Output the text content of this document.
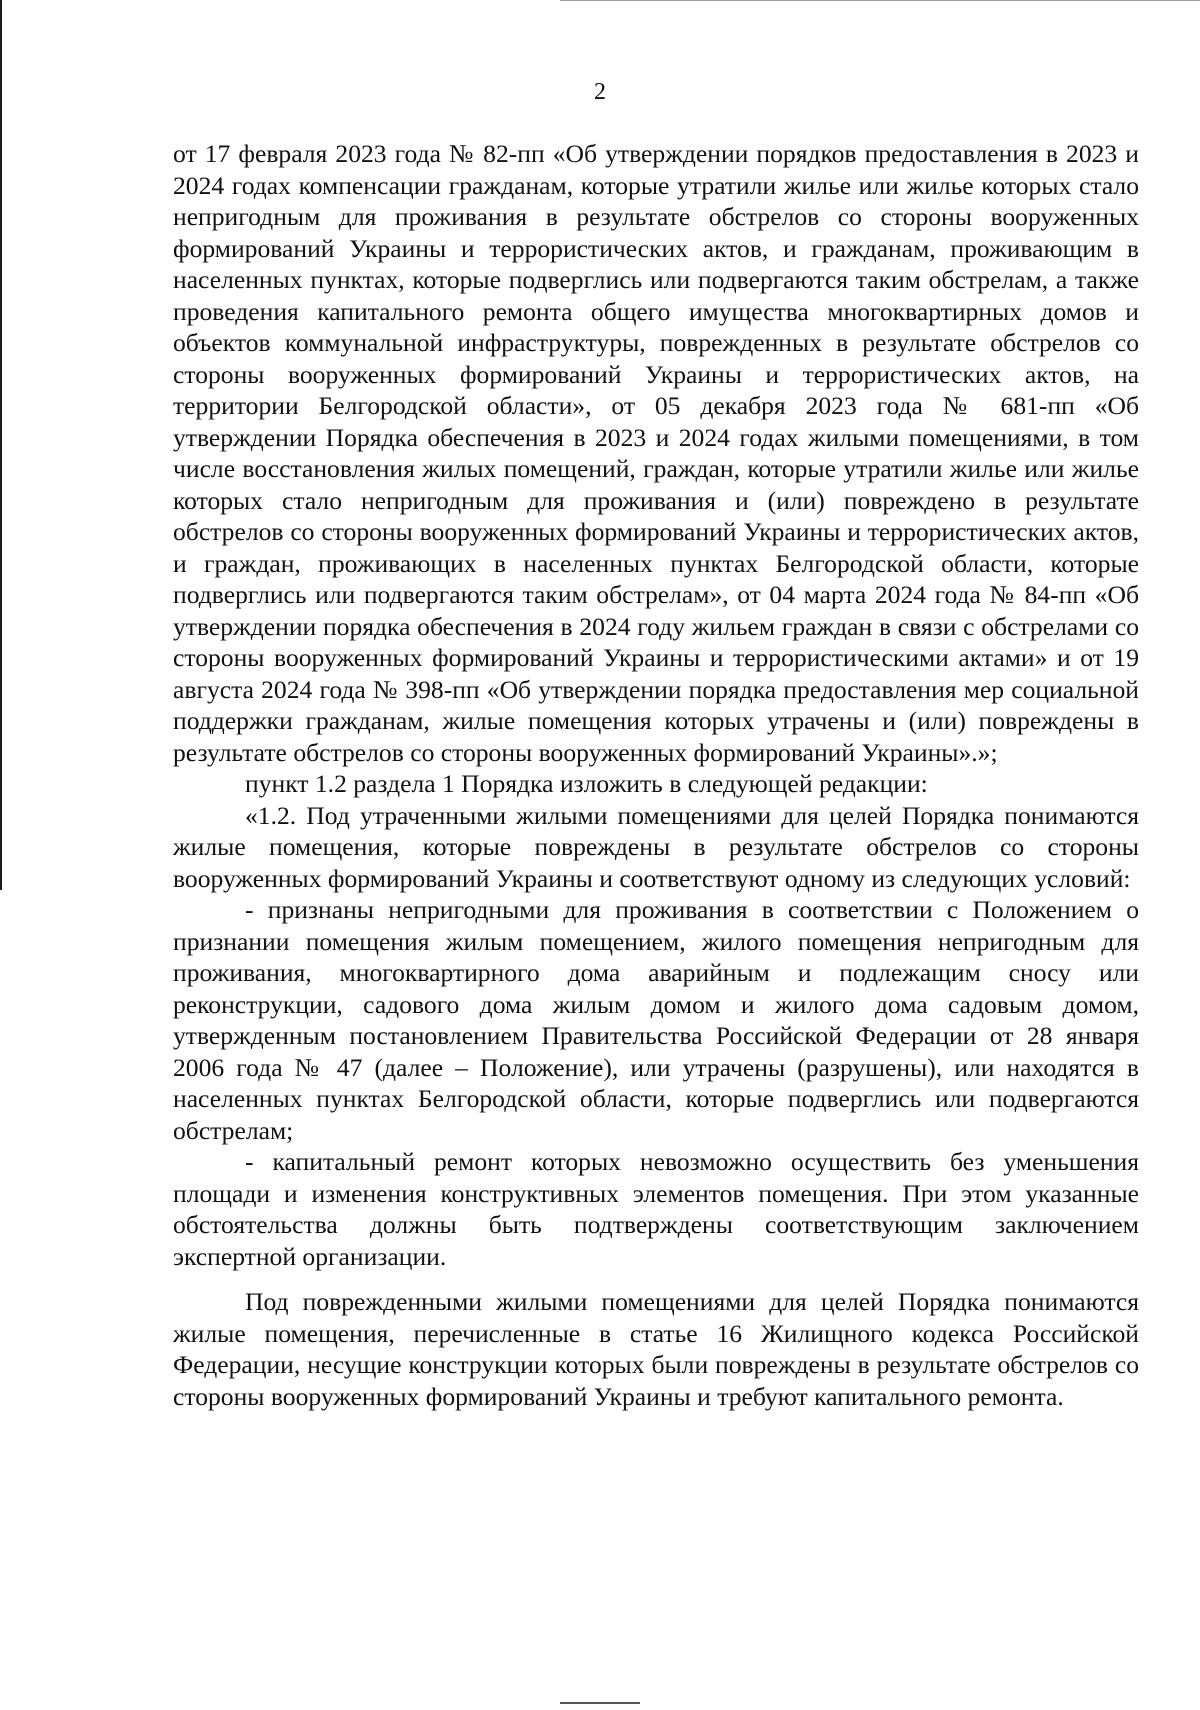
2

от 17 февраля 2023 года № 82-пп «Об утверждении порядков предоставления в 2023 и 2024 годах компенсации гражданам, которые утратили жилье или жилье которых стало непригодным для проживания в результате обстрелов со стороны вооруженных формирований Украины и террористических актов, и гражданам, проживающим в населенных пунктах, которые подверглись или подвергаются таким обстрелам, а также проведения капитального ремонта общего имущества многоквартирных домов и объектов коммунальной инфраструктуры, поврежденных в результате обстрелов со стороны вооруженных формирований Украины и террористических актов, на территории Белгородской области», от 05 декабря 2023 года № 681-пп «Об утверждении Порядка обеспечения в 2023 и 2024 годах жилыми помещениями, в том числе восстановления жилых помещений, граждан, которые утратили жилье или жилье которых стало непригодным для проживания и (или) повреждено в результате обстрелов со стороны вооруженных формирований Украины и террористических актов, и граждан, проживающих в населенных пунктах Белгородской области, которые подверглись или подвергаются таким обстрелам», от 04 марта 2024 года № 84-пп «Об утверждении порядка обеспечения в 2024 году жильем граждан в связи с обстрелами со стороны вооруженных формирований Украины и террористическими актами» и от 19 августа 2024 года № 398-пп «Об утверждении порядка предоставления мер социальной поддержки гражданам, жилые помещения которых утрачены и (или) повреждены в результате обстрелов со стороны вооруженных формирований Украины».»;

пункт 1.2 раздела 1 Порядка изложить в следующей редакции:

«1.2. Под утраченными жилыми помещениями для целей Порядка понимаются жилые помещения, которые повреждены в результате обстрелов со стороны вооруженных формирований Украины и соответствуют одному из следующих условий:

- признаны непригодными для проживания в соответствии с Положением о признании помещения жилым помещением, жилого помещения непригодным для проживания, многоквартирного дома аварийным и подлежащим сносу или реконструкции, садового дома жилым домом и жилого дома садовым домом, утвержденным постановлением Правительства Российской Федерации от 28 января 2006 года № 47 (далее – Положение), или утрачены (разрушены), или находятся в населенных пунктах Белгородской области, которые подверглись или подвергаются обстрелам;

- капитальный ремонт которых невозможно осуществить без уменьшения площади и изменения конструктивных элементов помещения. При этом указанные обстоятельства должны быть подтверждены соответствующим заключением экспертной организации.

Под поврежденными жилыми помещениями для целей Порядка понимаются жилые помещения, перечисленные в статье 16 Жилищного кодекса Российской Федерации, несущие конструкции которых были повреждены в результате обстрелов со стороны вооруженных формирований Украины и требуют капитального ремонта.
